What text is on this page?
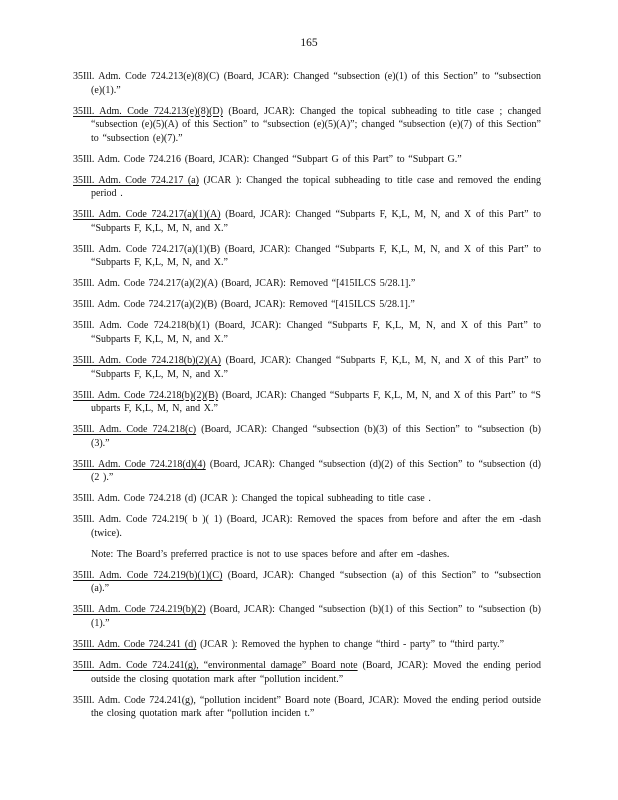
165

35Ill. Adm. Code 724.213(e)(8)(C) (Board, JCAR): Changed “subsection (e)(1) of this Section” to “subsection (e)(1).”

35Ill. Adm. Code 724.213(e)(8)(D) (Board, JCAR): Changed the topical subheading to title case ; changed “subsection (e)(5)(A) of this Section” to “subsection (e)(5)(A)”; changed “subsection (e)(7) of this Section” to “subsection (e)(7).”

35Ill. Adm. Code 724.216 (Board, JCAR): Changed “Subpart G of this Part” to “Subpart G.”

35Ill. Adm. Code 724.217 (a) (JCAR ): Changed the topical subheading to title case and removed the ending period .

35Ill. Adm. Code 724.217(a)(1)(A) (Board, JCAR): Changed “Subparts F, K,L, M, N, and X of this Part” to “Subparts F, K,L, M, N, and X.”

35Ill. Adm. Code 724.217(a)(1)(B) (Board, JCAR): Changed “Subparts F, K,L, M, N, and X of this Part” to “Subparts F, K,L, M, N, and X.”

35Ill. Adm. Code 724.217(a)(2)(A) (Board, JCAR): Removed “[415ILCS 5/28.1].”

35Ill. Adm. Code 724.217(a)(2)(B) (Board, JCAR): Removed “[415ILCS 5/28.1].”

35Ill. Adm. Code 724.218(b)(1) (Board, JCAR): Changed “Subparts F, K,L, M, N, and X of this Part” to “Subparts F, K,L, M, N, and X.”

35Ill. Adm. Code 724.218(b)(2)(A) (Board, JCAR): Changed “Subparts F, K,L, M, N, and X of this Part” to “Subparts F, K,L, M, N, and X.”

35Ill. Adm. Code 724.218(b)(2)(B) (Board, JCAR): Changed “Subparts F, K,L, M, N, and X of this Part” to “S ubparts F, K,L, M, N, and X.”

35Ill. Adm. Code 724.218(c) (Board, JCAR): Changed “subsection (b)(3) of this Section” to “subsection (b)(3).”

35Ill. Adm. Code 724.218(d)(4) (Board, JCAR): Changed “subsection (d)(2) of this Section” to “subsection (d)(2 ).”

35Ill. Adm. Code 724.218 (d) (JCAR ): Changed the topical subheading to title case .

35Ill. Adm. Code 724.219( b )( 1) (Board, JCAR): Removed the spaces from before and after the em -dash (twice).

Note: The Board’s preferred practice is not to use spaces before and after em -dashes.

35Ill. Adm. Code 724.219(b)(1)(C) (Board, JCAR): Changed “subsection (a) of this Section” to “subsection (a).”

35Ill. Adm. Code 724.219(b)(2) (Board, JCAR): Changed “subsection (b)(1) of this Section” to “subsection (b)(1).”

35Ill. Adm. Code 724.241 (d) (JCAR ): Removed the hyphen to change “third - party” to “third party.”

35Ill. Adm. Code 724.241(g), “environmental damage” Board note (Board, JCAR): Moved the ending period outside the closing quotation mark after “pollution incident.”

35Ill. Adm. Code 724.241(g), “pollution incident” Board note (Board, JCAR): Moved the ending period outside the closing quotation mark after “pollution inciden t.”
